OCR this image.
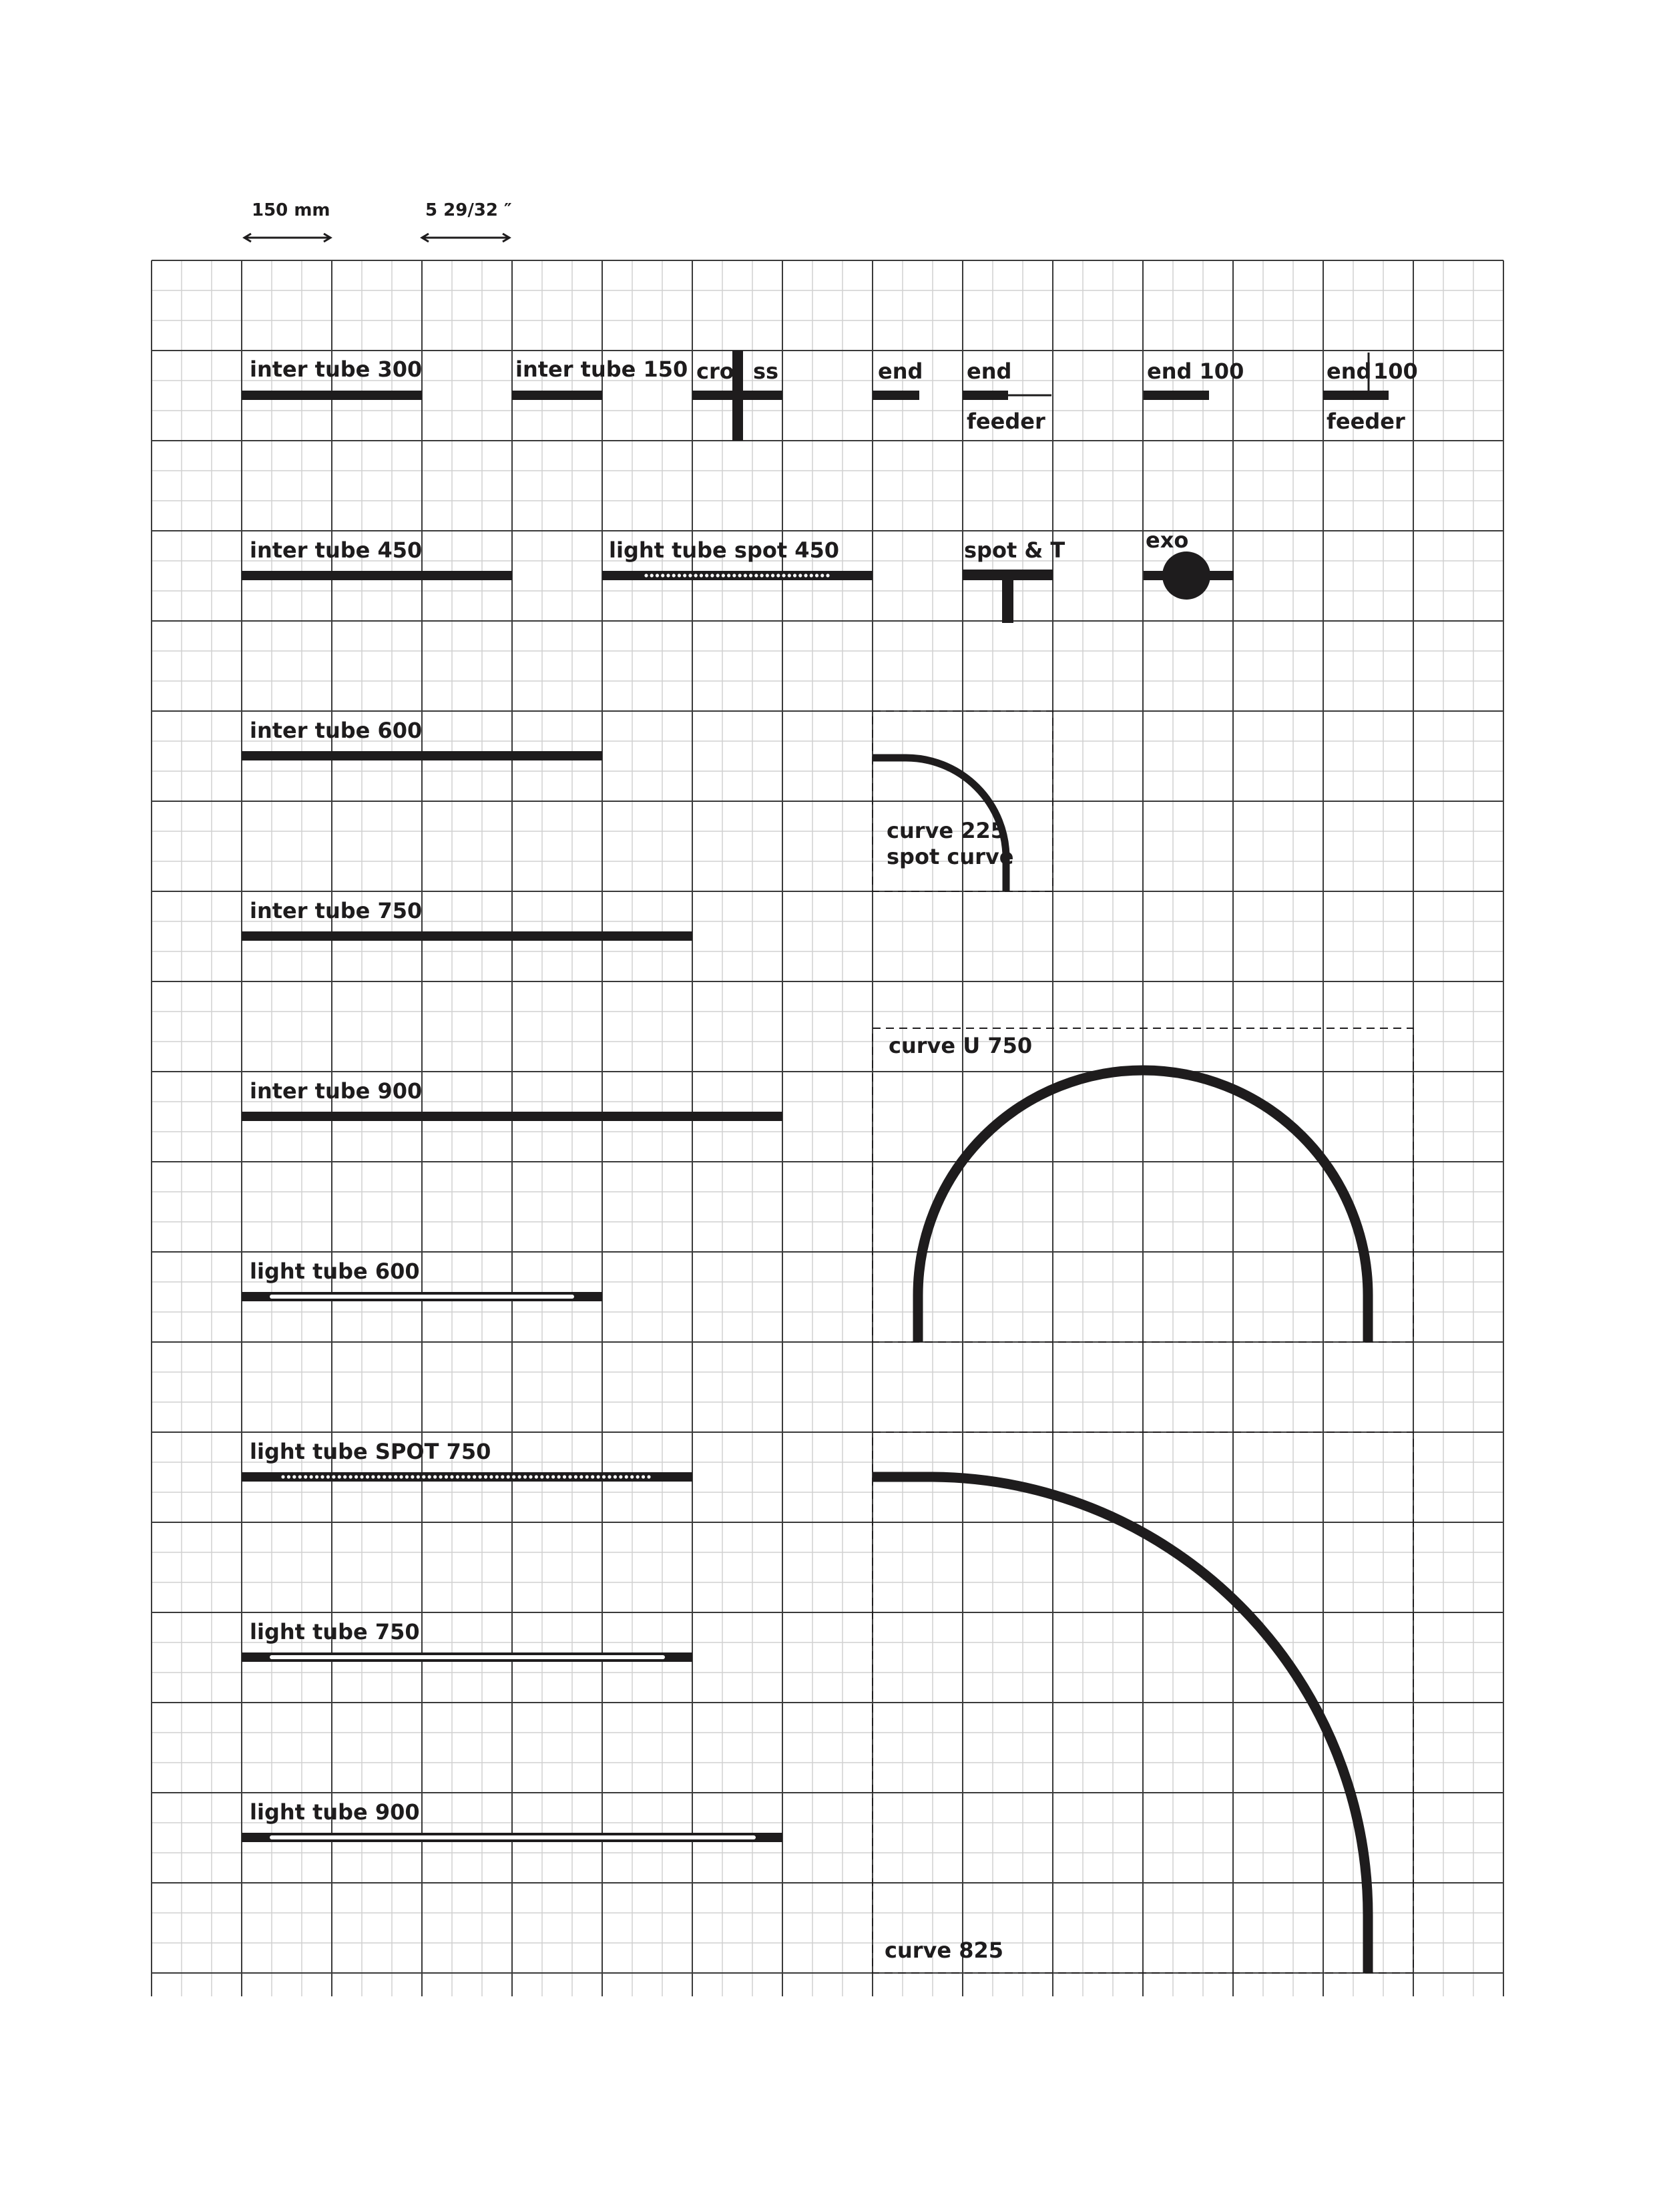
150 mm	5 29/32 ″
inter tube 300	inter tube 150 cro ss	end end
feeder
end 100	end 100
feeder
inter tube 450	light tube spot 450	spot & T	exo
inter tube 600
curve 225
spot curve
inter tube 750
curve U 750
inter tube 900
light tube 600
light tube SPOT 750
curve 825
light tube 750
light tube 900
